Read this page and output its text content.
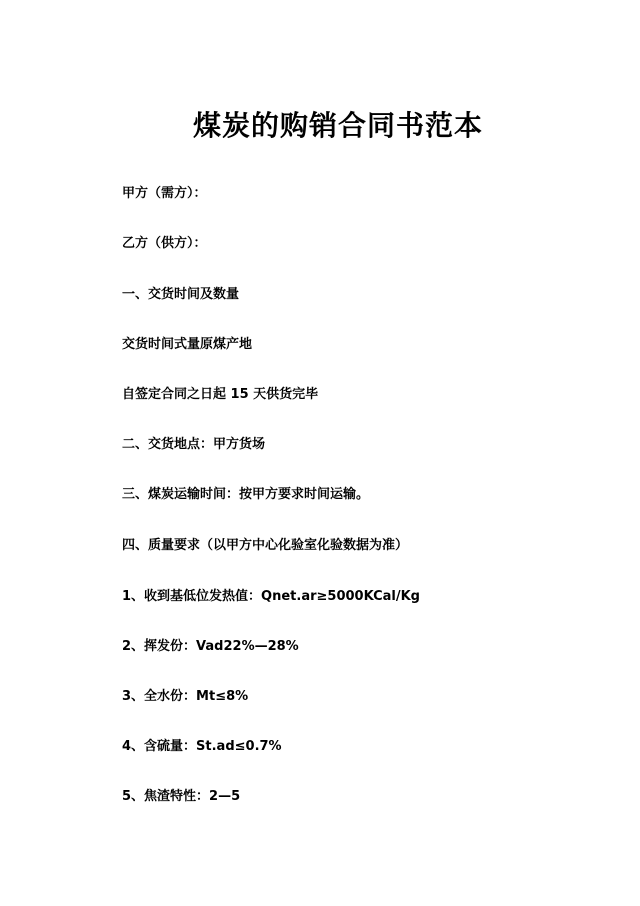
煤炭的购销合同书范本
甲方（需方）：
乙方（供方）：
一、交货时间及数量
交货时间式量原煤产地
自签定合同之日起 15 天供货完毕
二、交货地点：甲方货场
三、煤炭运输时间：按甲方要求时间运输。
四、质量要求（以甲方中心化验室化验数据为准）
1、收到基低位发热值：Qnet.ar≥5000KCal/Kg
2、挥发份：Vad22%—28%
3、全水份：Mt≤8%
4、含硫量：St.ad≤0.7%
5、焦渣特性：2—5
